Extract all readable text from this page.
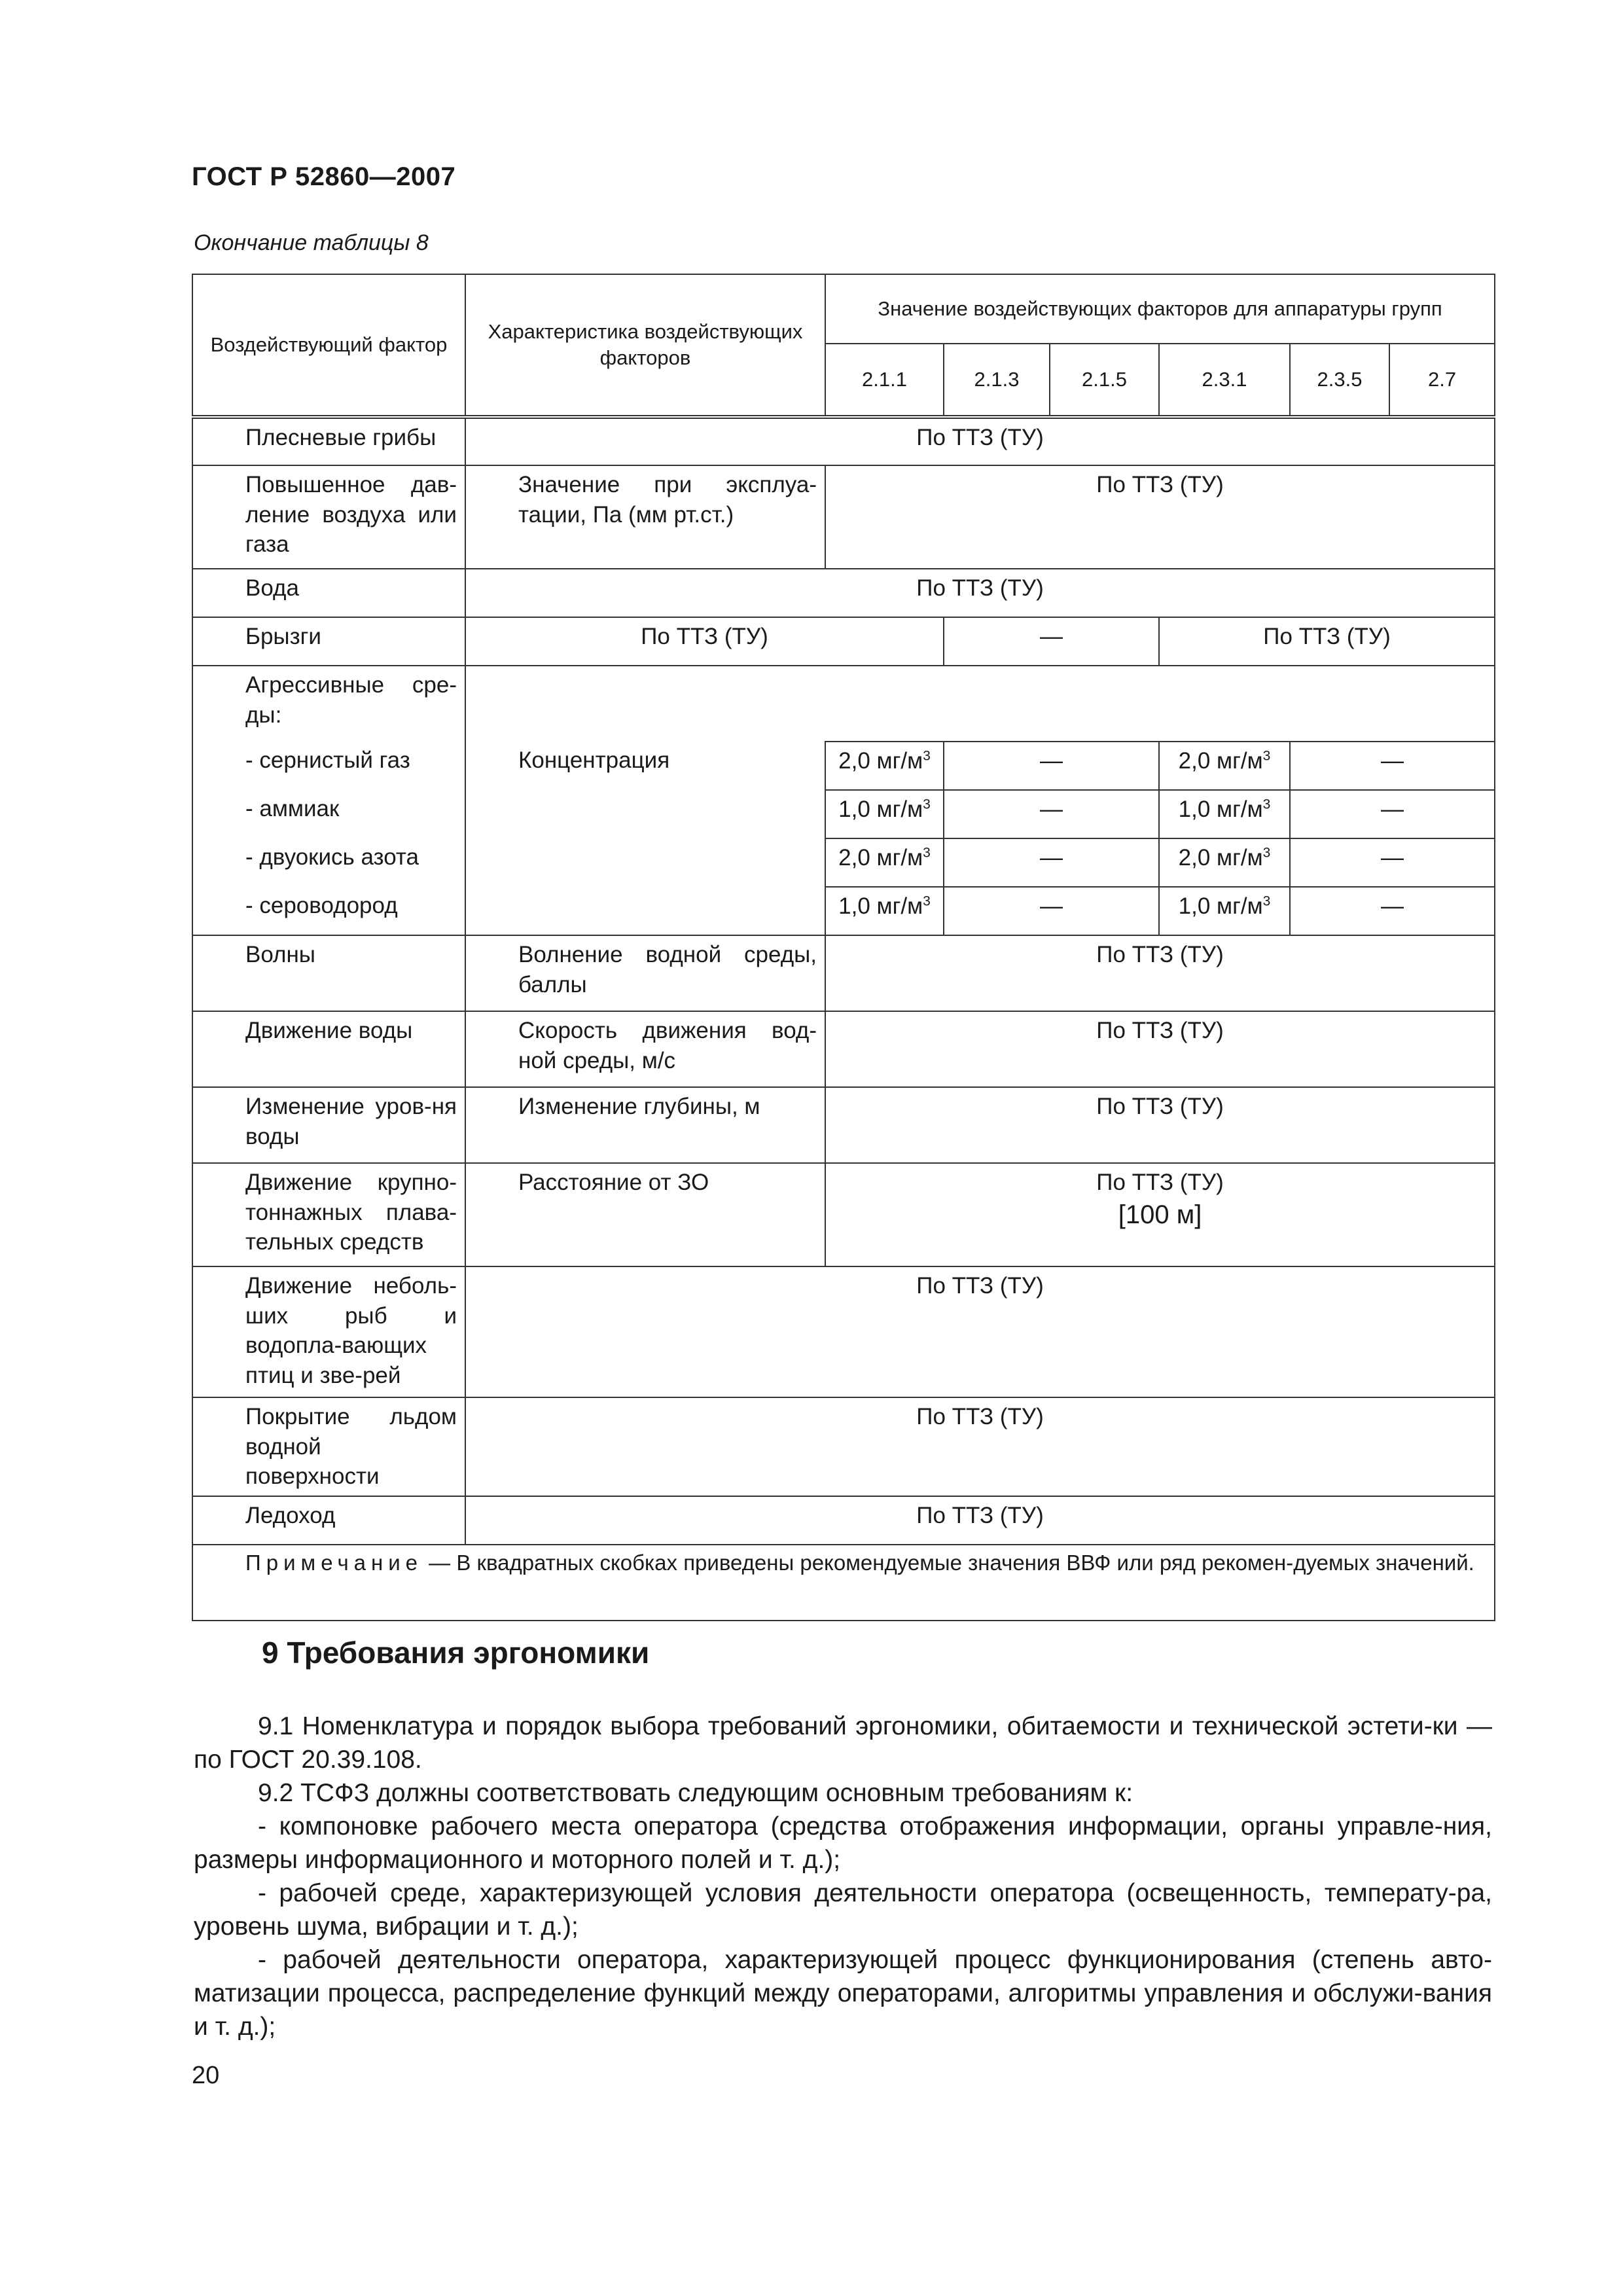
ГОСТ Р 52860—2007
Окончание таблицы 8
Воздействующий фактор	Характеристика воздействующих факторов	Значение воздействующих факторов для аппаратуры групп					
		2.1.1	2.1.3	2.1.5	2.3.1	2.3.5	2.7
Плесневые грибы	По ТТЗ (ТУ)						
Повышенное дав-ление воздуха или газа	Значение при эксплуа-тации, Па (мм рт.ст.)	По ТТЗ (ТУ)					
Вода	По ТТЗ (ТУ)						
Брызги	По ТТЗ (ТУ)		—		По ТТЗ (ТУ)		
Агрессивные сре-ды:							
- сернистый газ	Концентрация	2,0 $мг/м^3$	—		2,0 $мг/м^3$	—	
- аммиак		1,0 $мг/м^3$	—		1,0 $мг/м^3$	—	
- двуокись азота		2,0 $мг/м^3$	—		2,0 $мг/м^3$	—	
- сероводород		1,0 $мг/м^3$	—		1,0 $мг/м^3$	—	
Волны	Волнение водной среды, баллы	По ТТЗ (ТУ)					
Движение воды	Скорость движения вод-ной среды, м/с	По ТТЗ (ТУ)					
Изменение уров-ня воды	Изменение глубины, м	По ТТЗ (ТУ)					
Движение крупно-тоннажных плава-тельных средств	Расстояние от ЗО	По ТТЗ (ТУ)
[100 м]					

Движение неболь-ших рыб и водопла-вающих птиц и зве-рей	По ТТЗ (ТУ)						
Покрытие льдом водной поверхности	По ТТЗ (ТУ)						
Ледоход	По ТТЗ (ТУ)						
Примечание — В квадратных скобках приведены рекомендуемые значения ВВФ или ряд рекомен-дуемых значений.							
9 Требования эргономики

9.1 Номенклатура и порядок выбора требований эргономики, обитаемости и технической эстети-ки — по ГОСТ 20.39.108.

9.2 ТСФЗ должны соответствовать следующим основным требованиям к:

- компоновке рабочего места оператора (средства отображения информации, органы управле-ния, размеры информационного и моторного полей и т. д.);

- рабочей среде, характеризующей условия деятельности оператора (освещенность, температу-ра, уровень шума, вибрации и т. д.);

- рабочей деятельности оператора, характеризующей процесс функционирования (степень авто-матизации процесса, распределение функций между операторами, алгоритмы управления и обслужи-вания и т. д.);

20
